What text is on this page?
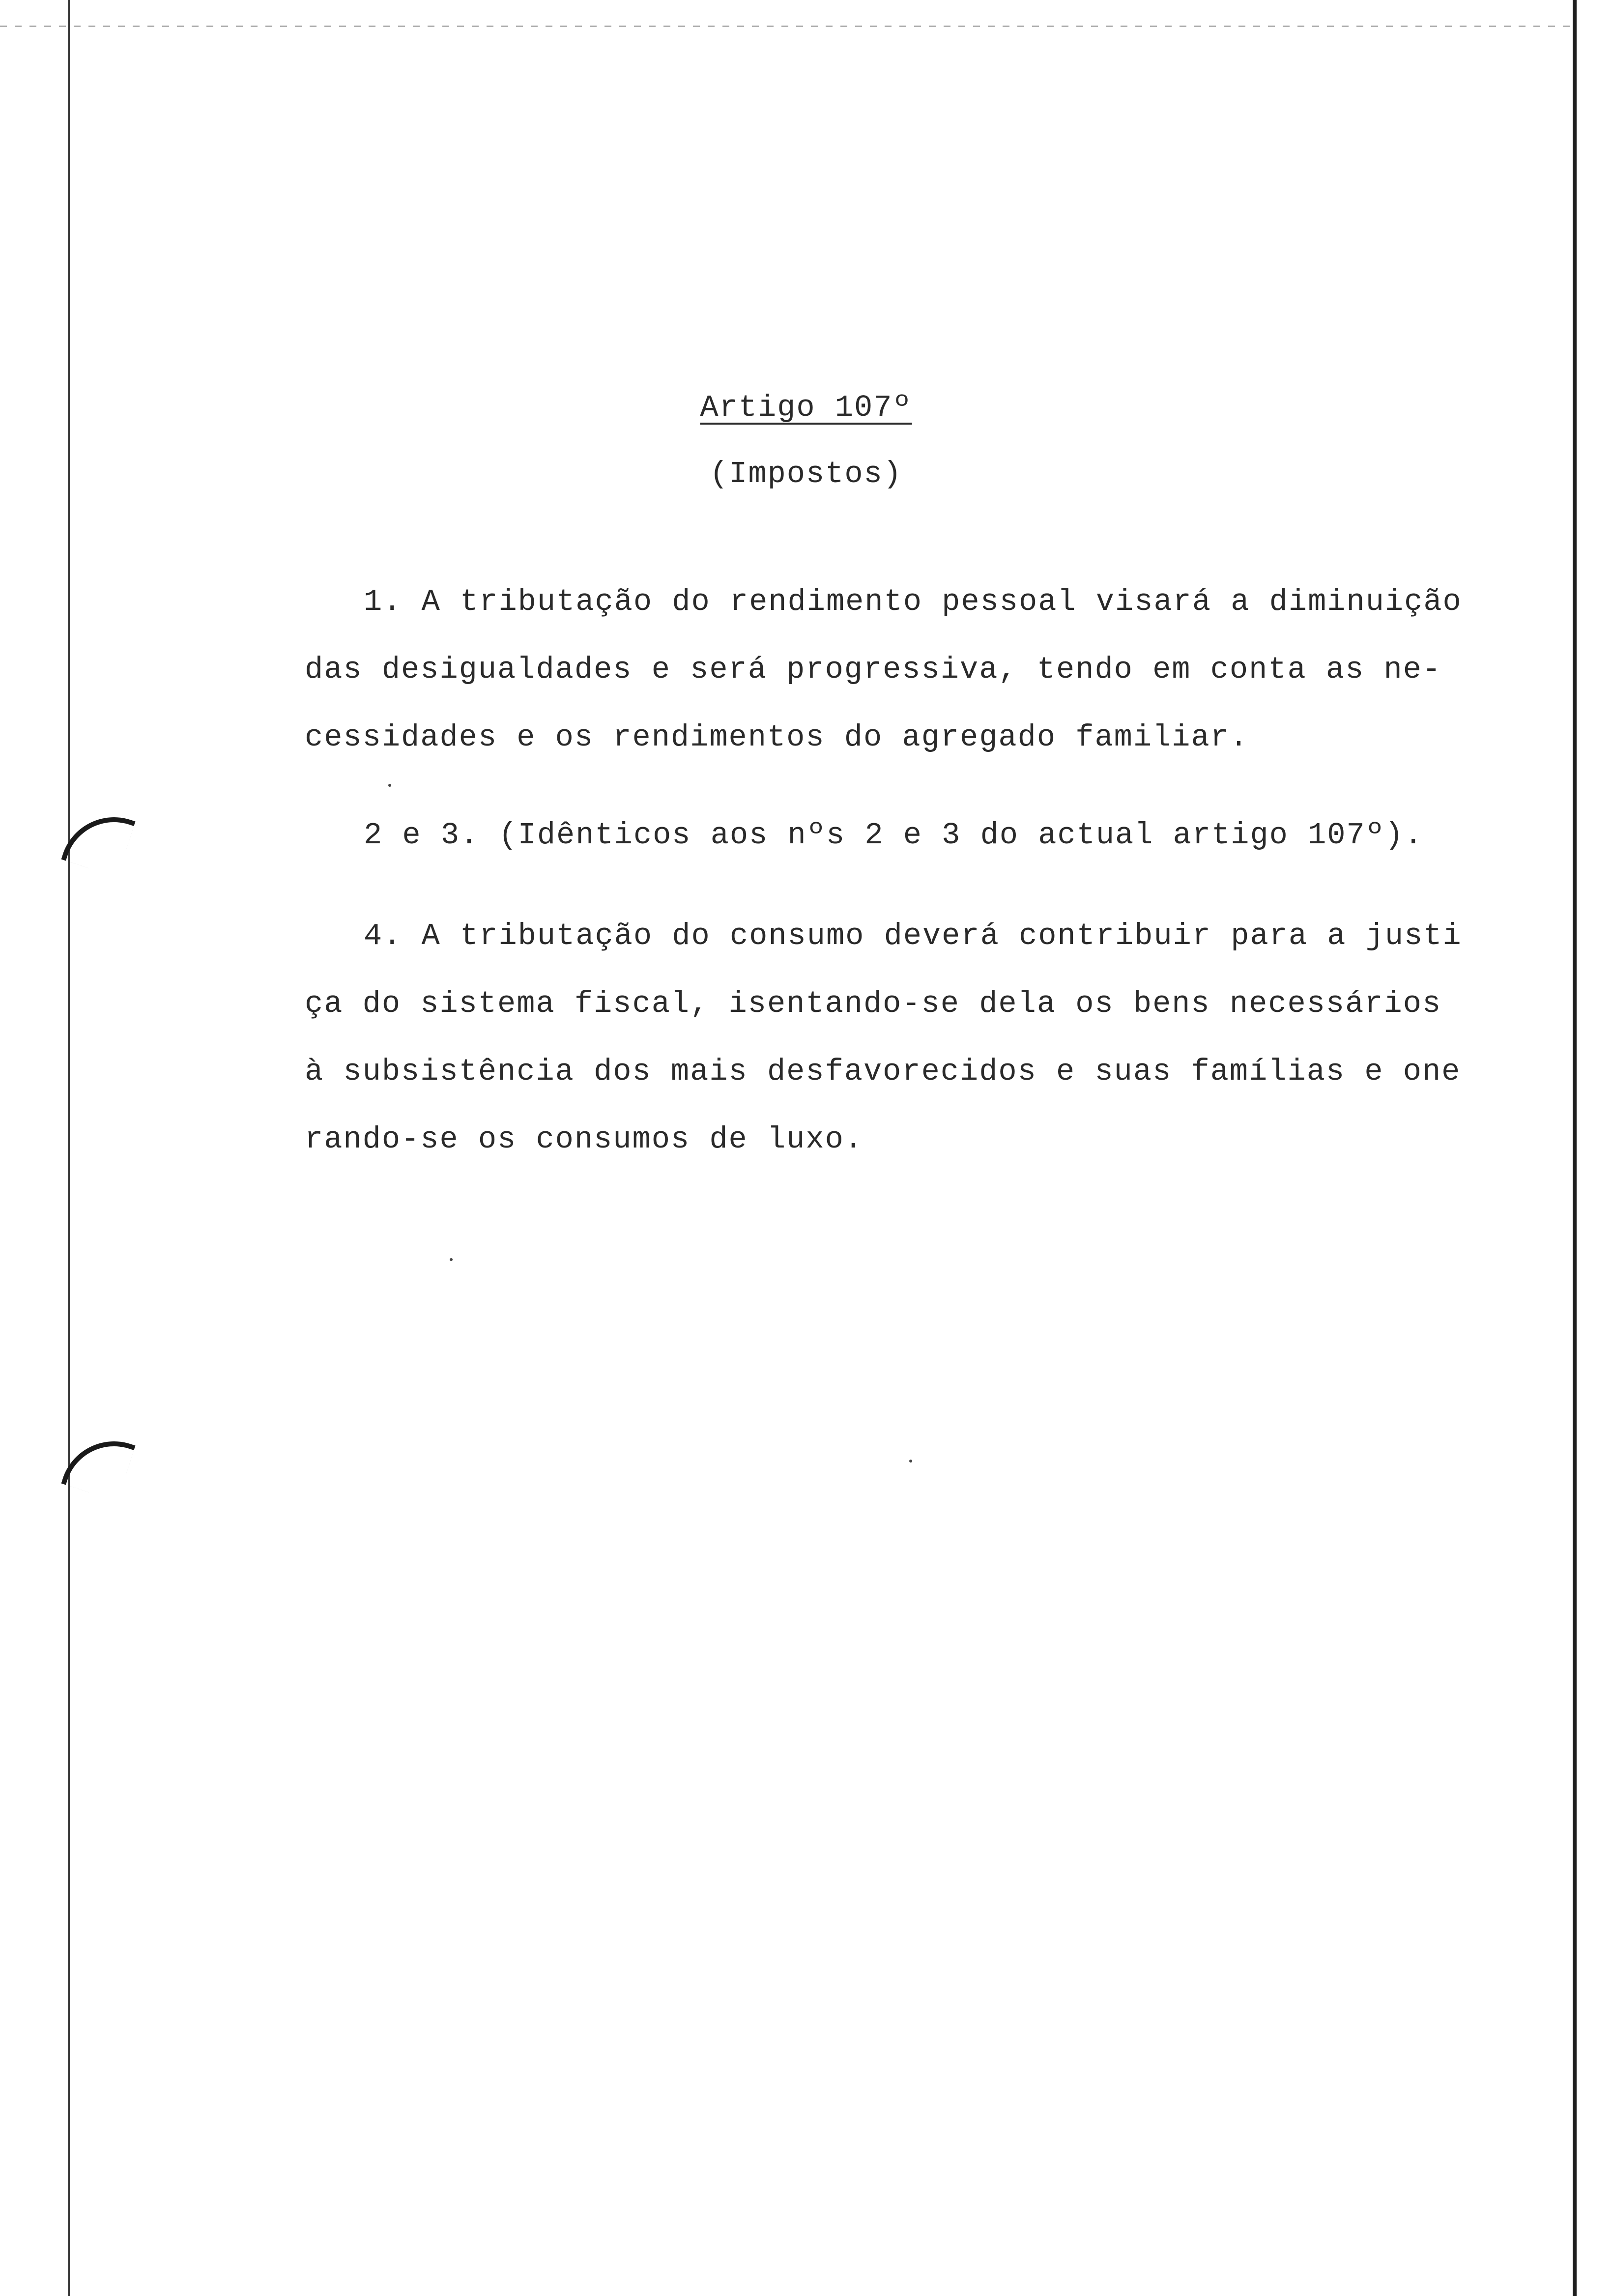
Artigo 107º
(Impostos)
1. A tributação do rendimento pessoal visará a diminuição
das desigualdades e será progressiva, tendo em conta as ne-
cessidades e os rendimentos do agregado familiar.
2 e 3. (Idênticos aos nºs 2 e 3 do actual artigo 107º).
4. A tributação do consumo deverá contribuir para a justi
ça do sistema fiscal, isentando-se dela os bens necessários
à subsistência dos mais desfavorecidos e suas famílias e one
rando-se os consumos de luxo.
